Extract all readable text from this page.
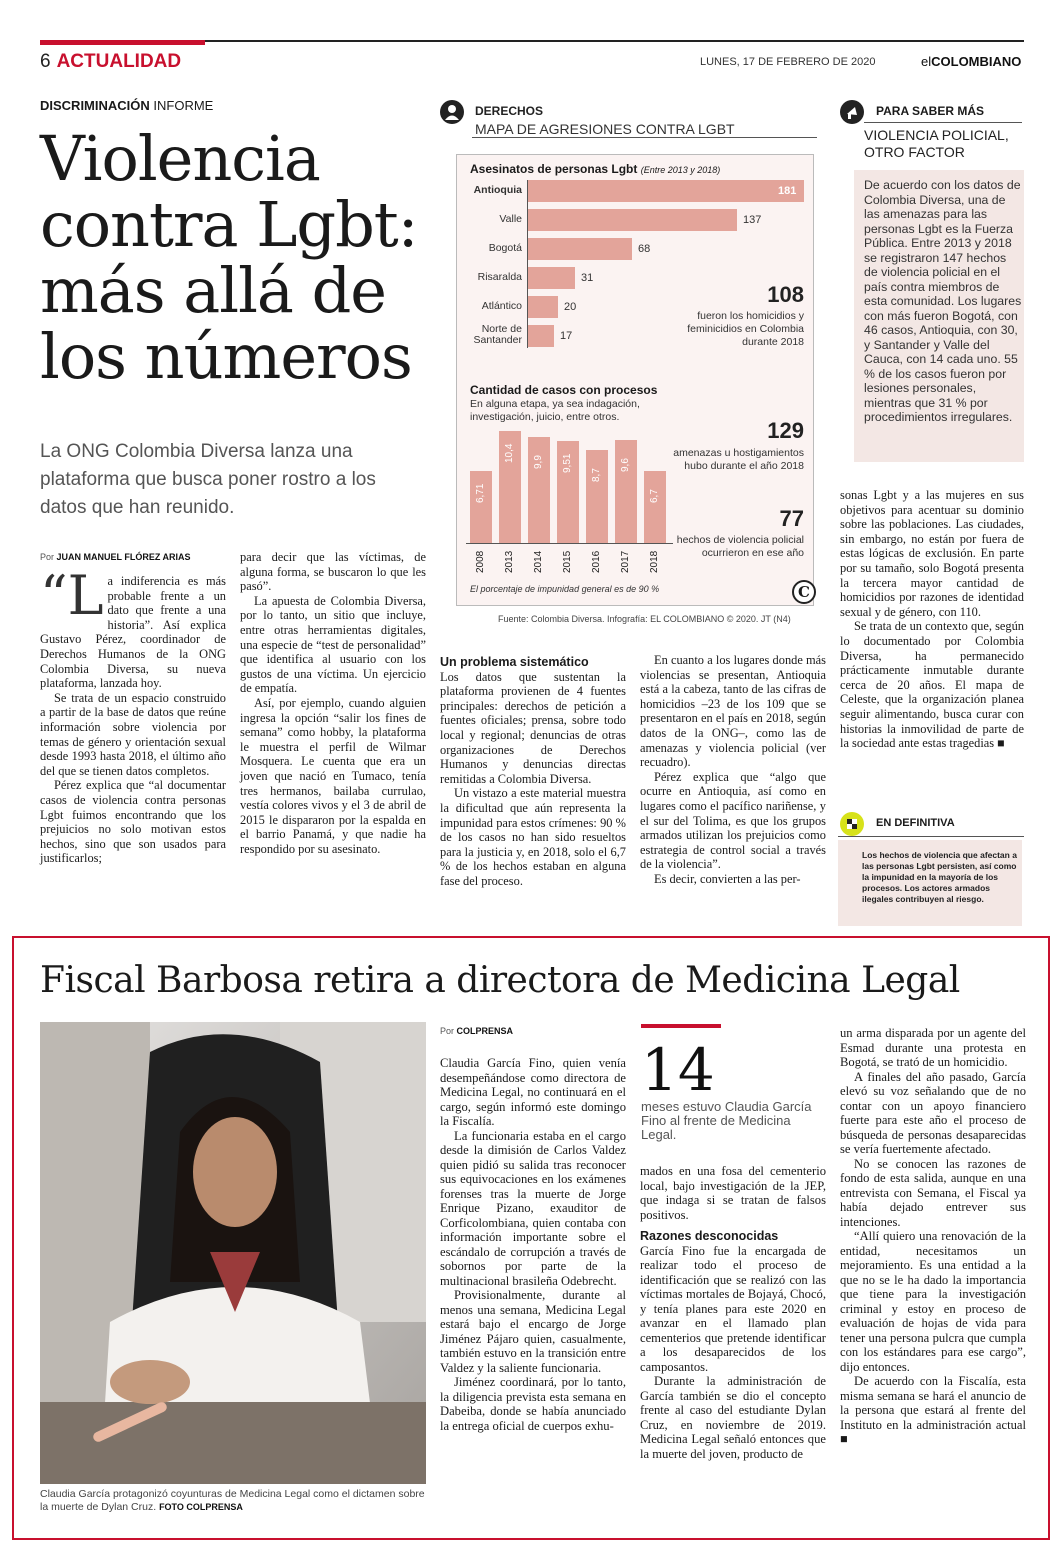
6 ACTUALIDAD	LUNES, 17 DE FEBRERO DE 2020	elCOLOMBIANO
DISCRIMINACIÓN INFORME
Violencia contra Lgbt: más allá de los números
La ONG Colombia Diversa lanza una plataforma que busca poner rostro a los datos que han reunido.
Por JUAN MANUEL FLÓREZ ARIAS

“La indiferencia es más probable frente a un dato que frente a una historia”. Así explica Gustavo Pérez, coordinador de Derechos Humanos de la ONG Colombia Diversa, su nueva plataforma, lanzada hoy.

Se trata de un espacio construido a partir de la base de datos que reúne información sobre violencia por temas de género y orientación sexual desde 1993 hasta 2018, el último año del que se tienen datos completos.

Pérez explica que “al documentar casos de violencia contra personas Lgbt fuimos encontrando que los prejuicios no solo motivan estos hechos, sino que son usados para justificarlos;

para decir que las víctimas, de alguna forma, se buscaron lo que les pasó”.

La apuesta de Colombia Diversa, por lo tanto, un sitio que incluye, entre otras herramientas digitales, una especie de “test de personalidad” que identifica al usuario con los gustos de una víctima. Un ejercicio de empatía.

Así, por ejemplo, cuando alguien ingresa la opción “salir los fines de semana” como hobby, la plataforma le muestra el perfil de Wilmar Mosquera. Le cuenta que era un joven que nació en Tumaco, tenía tres hermanos, bailaba currulao, vestía colores vivos y el 3 de abril de 2015 le dispararon por la espalda en el barrio Panamá, y que nadie ha respondido por su asesinato.

Un problema sistemático

Los datos que sustentan la plataforma provienen de 4 fuentes principales: derechos de petición a fuentes oficiales; prensa, sobre todo local y regional; denuncias de otras organizaciones de Derechos Humanos y denuncias directas remitidas a Colombia Diversa.

Un vistazo a este material muestra la dificultad que aún representa la impunidad para estos crímenes: 90 % de los casos no han sido resueltos para la justicia y, en 2018, solo el 6,7 % de los hechos estaban en alguna fase del proceso.

En cuanto a los lugares donde más violencias se presentan, Antioquia está a la cabeza, tanto de las cifras de homicidios –23 de los 109 que se presentaron en el país en 2018, según datos de la ONG–, como las de amenazas y violencia policial (ver recuadro).

Pérez explica que “algo que ocurre en Antioquia, así como en lugares como el pacífico nariñense, y el sur del Tolima, es que los grupos armados utilizan los prejuicios como estrategia de control social a través de la violencia”.

Es decir, convierten a las per-

sonas Lgbt y a las mujeres en sus objetivos para acentuar su dominio sobre las poblaciones. Las ciudades, sin embargo, no están por fuera de estas lógicas de exclusión. En parte por su tamaño, solo Bogotá presenta la tercera mayor cantidad de homicidios por razones de identidad sexual y de género, con 110.

Se trata de un contexto que, según lo documentado por Colombia Diversa, ha permanecido prácticamente inmutable durante cerca de 20 años. El mapa de Celeste, que la organización planea seguir alimentando, busca curar con historias la inmovilidad de parte de la sociedad ante estas tragedias ■

DERECHOS
MAPA DE AGRESIONES CONTRA LGBT
Asesinatos de personas Lgbt (Entre 2013 y 2018)
Antioquia	181
Valle	137
Bogotá	68
Risaralda	31
Atlántico	20
Norte de Santander	17
108
fueron los homicidios y feminicidios en Colombia durante 2018
Cantidad de casos con procesos
En alguna etapa, ya sea indagación, investigación, juicio, entre otros.
6,71
2008
10,4
2013
9,9
2014
9,51
2015
8,7
2016
9,6
2017
6,7
2018
129
amenazas u hostigamientos hubo durante el año 2018
77
hechos de violencia policial ocurrieron en ese año
El porcentaje de impunidad general es de 90 %	C
Fuente: Colombia Diversa. Infografía: EL COLOMBIANO © 2020. JT (N4)
PARA SABER MÁS
VIOLENCIA POLICIAL, OTRO FACTOR
De acuerdo con los datos de Colombia Diversa, una de las amenazas para las personas Lgbt es la Fuerza Pública. Entre 2013 y 2018 se registraron 147 hechos de violencia policial en el país contra miembros de esta comunidad. Los lugares con más fueron Bogotá, con 46 casos, Antioquia, con 30, y Santander y Valle del Cauca, con 14 cada uno. 55 % de los casos fueron por lesiones personales, mientras que 31 % por procedimientos irregulares.
EN DEFINITIVA
Los hechos de violencia que afectan a las personas Lgbt persisten, así como la impunidad en la mayoría de los procesos. Los actores armados ilegales contribuyen al riesgo.
Fiscal Barbosa retira a directora de Medicina Legal
Claudia García protagonizó coyunturas de Medicina Legal como el dictamen sobre la muerte de Dylan Cruz. FOTO COLPRENSA
Por COLPRENSA

Claudia García Fino, quien venía desempeñándose como directora de Medicina Legal, no continuará en el cargo, según informó este domingo la Fiscalía.

La funcionaria estaba en el cargo desde la dimisión de Carlos Valdez quien pidió su salida tras reconocer sus equivocaciones en los exámenes forenses tras la muerte de Jorge Enrique Pizano, exauditor de Corficolombiana, quien contaba con información importante sobre el escándalo de corrupción a través de sobornos por parte de la multinacional brasileña Odebrecht.

Provisionalmente, durante al menos una semana, Medicina Legal estará bajo el encargo de Jorge Jiménez Pájaro quien, casualmente, también estuvo en la transición entre Valdez y la saliente funcionaria.

Jiménez coordinará, por lo tanto, la diligencia prevista esta semana en Dabeiba, donde se había anunciado la entrega oficial de cuerpos exhu-

14
meses estuvo Claudia García Fino al frente de Medicina Legal.

mados en una fosa del cementerio local, bajo investigación de la JEP, que indaga si se tratan de falsos positivos.

Razones desconocidas

García Fino fue la encargada de realizar todo el proceso de identificación que se realizó con las víctimas mortales de Bojayá, Chocó, y tenía planes para este 2020 en avanzar en el llamado plan cementerios que pretende identificar a los desaparecidos de los camposantos.

Durante la administración de García también se dio el concepto frente al caso del estudiante Dylan Cruz, en noviembre de 2019. Medicina Legal señaló entonces que la muerte del joven, producto de

un arma disparada por un agente del Esmad durante una protesta en Bogotá, se trató de un homicidio.

A finales del año pasado, García elevó su voz señalando que de no contar con un apoyo financiero fuerte para este año el proceso de búsqueda de personas desaparecidas se vería fuertemente afectado.

No se conocen las razones de fondo de esta salida, aunque en una entrevista con Semana, el Fiscal ya había dejado entrever sus intenciones.

“Allí quiero una renovación de la entidad, necesitamos un mejoramiento. Es una entidad a la que no se le ha dado la importancia que tiene para la investigación criminal y estoy en proceso de evaluación de hojas de vida para tener una persona pulcra que cumpla con los estándares para ese cargo”, dijo entonces.

De acuerdo con la Fiscalía, esta misma semana se hará el anuncio de la persona que estará al frente del Instituto en la administración actual ■
